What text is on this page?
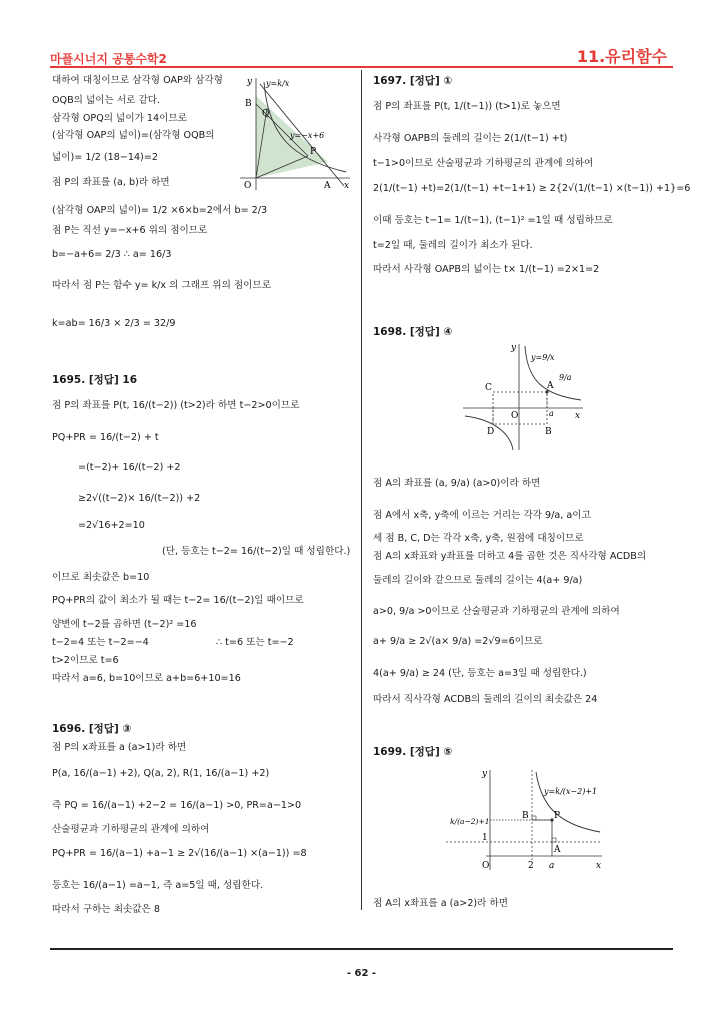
마플시너지 공통수학2	11.유리함수
대하여 대칭이므로 삼각형 OAP와 삼각형
OQB의 넓이는 서로 같다.
삼각형 OPQ의 넓이가 14이므로
(삼각형 OAP의 넓이)=(삼각형 OQB의
넓이)= 1/2 (18−14)=2
점 P의 좌표를 (a, b)라 하면
(삼각형 OAP의 넓이)= 1/2 ×6×b=2에서 b= 2/3
점 P는 직선 y=−x+6 위의 점이므로
b=−a+6= 2/3 ∴ a= 16/3
따라서 점 P는 함수 y= k/x 의 그래프 위의 점이므로
k=ab= 16/3 × 2/3 = 32/9
y y=k/x
B
Q
y=−x+6
P
O	A x
1695. [정답] 16
점 P의 좌표를 P(t, 16/(t−2)) (t>2)라 하면 t−2>0이므로
PQ+PR = 16/(t−2) + t
=(t−2)+ 16/(t−2) +2
≥2√((t−2)× 16/(t−2)) +2
=2√16+2=10
(단, 등호는 t−2= 16/(t−2)일 때 성립한다.)
이므로 최솟값은 b=10
PQ+PR의 값이 최소가 될 때는 t−2= 16/(t−2)일 때이므로
양변에 t−2를 곱하면 (t−2)² =16
t−2=4 또는 t−2=−4	∴ t=6 또는 t=−2
t>2이므로 t=6
따라서 a=6, b=10이므로 a+b=6+10=16
1696. [정답] ③
점 P의 x좌표를 a (a>1)라 하면
P(a, 16/(a−1) +2), Q(a, 2), R(1, 16/(a−1) +2)
즉 PQ = 16/(a−1) +2−2 = 16/(a−1) >0, PR=a−1>0
산술평균과 기하평균의 관계에 의하여
PQ+PR = 16/(a−1) +a−1 ≥ 2√(16/(a−1) ×(a−1)) =8
등호는 16/(a−1) =a−1, 즉 a=5일 때, 성립한다.
따라서 구하는 최솟값은 8
1697. [정답] ①
점 P의 좌표를 P(t, 1/(t−1)) (t>1)로 놓으면
사각형 OAPB의 둘레의 길이는 2(1/(t−1) +t)
t−1>0이므로 산술평균과 기하평균의 관계에 의하여
2(1/(t−1) +t)=2(1/(t−1) +t−1+1) ≥ 2{2√(1/(t−1) ×(t−1)) +1}=6
이때 등호는 t−1= 1/(t−1), (t−1)² =1일 때 성립하므로
t=2일 때, 둘레의 길이가 최소가 된다.
따라서 사각형 OAPB의 넓이는 t× 1/(t−1) =2×1=2
1698. [정답] ④
y
y=9/x
9/a
C	A
O	a x
D	B
점 A의 좌표를 (a, 9/a) (a>0)이라 하면
점 A에서 x축, y축에 이르는 거리는 각각 9/a, a이고
세 점 B, C, D는 각각 x축, y축, 원점에 대칭이므로
점 A의 x좌표와 y좌표를 더하고 4를 곱한 것은 직사각형 ACDB의
둘레의 길이와 같으므로 둘레의 길이는 4(a+ 9/a)
a>0, 9/a >0이므로 산술평균과 기하평균의 관계에 의하여
a+ 9/a ≥ 2√(a× 9/a) =2√9=6이므로
4(a+ 9/a) ≥ 24 (단, 등호는 a=3일 때 성립한다.)
따라서 직사각형 ACDB의 둘레의 길이의 최솟값은 24
1699. [정답] ⑤
y
y=k/(x−2)+1
k/(a−2)+1
B	P
1
A
O	2 a	x
점 A의 x좌표를 a (a>2)라 하면
- 62 -
